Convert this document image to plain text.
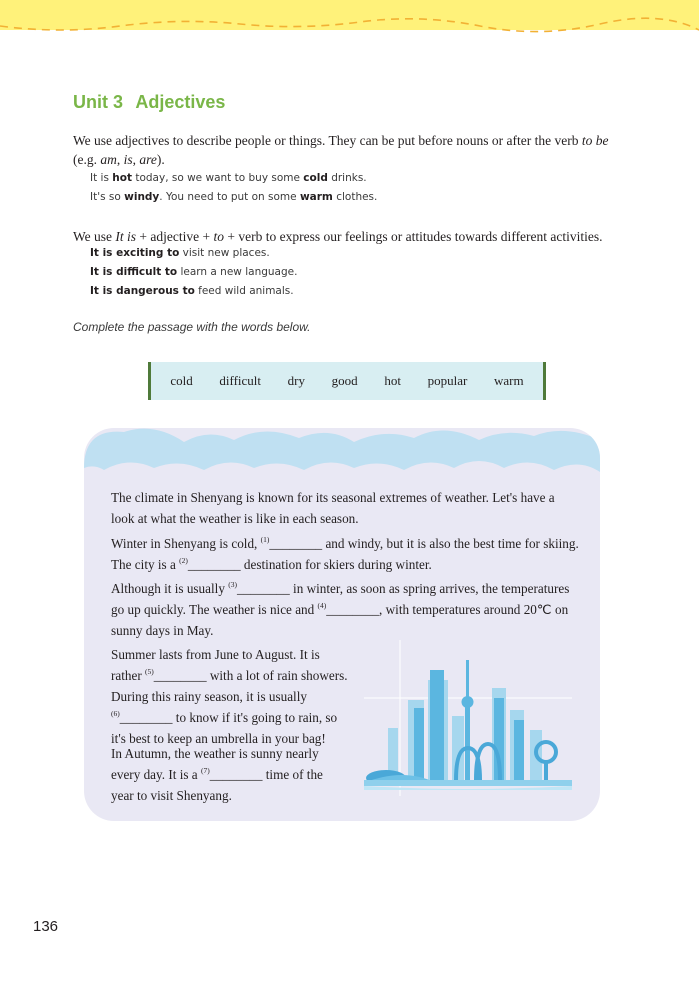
Unit 3 Adjectives
We use adjectives to describe people or things. They can be put before nouns or after the verb to be
(e.g. am, is, are).
It is hot today, so we want to buy some cold drinks.
It's so windy. You need to put on some warm clothes.
We use It is + adjective + to + verb to express our feelings or attitudes towards different activities.
It is exciting to visit new places.
It is difficult to learn a new language.
It is dangerous to feed wild animals.
Complete the passage with the words below.
cold difficult dry good hot popular warm

The climate in Shenyang is known for its seasonal extremes of weather. Let's have a look at what the weather is like in each season.

Winter in Shenyang is cold, $^{(1)}$________ and windy, but it is also the best time for skiing. The city is a $^{(2)}$________ destination for skiers during winter.

Although it is usually $^{(3)}$________ in winter, as soon as spring arrives, the temperatures go up quickly. The weather is nice and $^{(4)}$________, with temperatures around 20℃ on sunny days in May.

Summer lasts from June to August. It is
rather $^{(5)}$________ with a lot of rain showers.
During this rainy season, it is usually
$^{(6)}$________ to know if it's going to rain, so
it's best to keep an umbrella in your bag!

In Autumn, the weather is sunny nearly
every day. It is a $^{(7)}$________ time of the
year to visit Shenyang.

136
